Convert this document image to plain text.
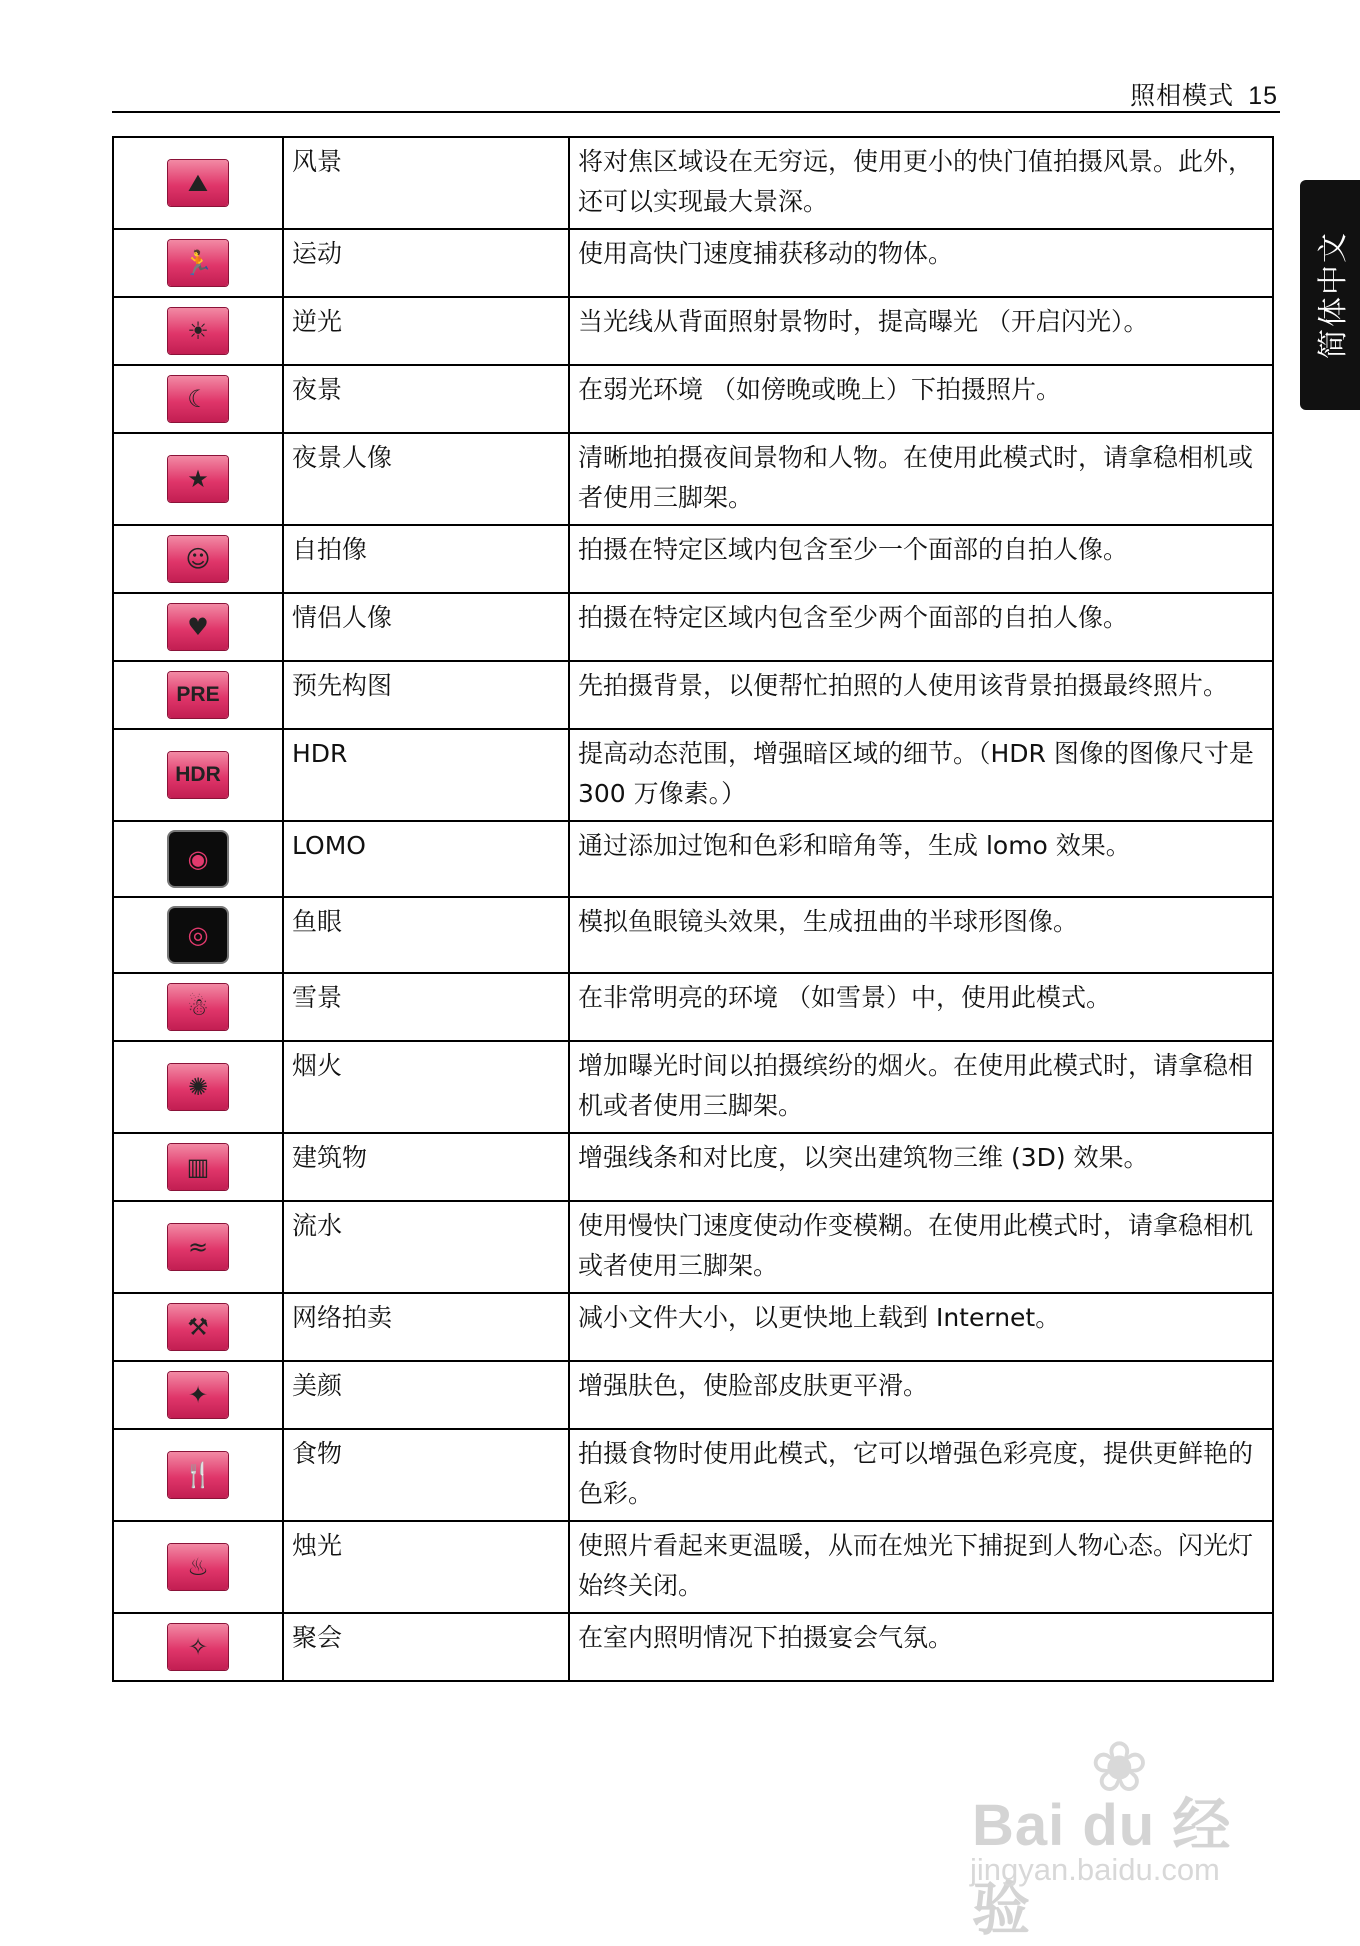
照相模式 15
简体中文
⛰	风景	将对焦区域设在无穷远，使用更小的快门值拍摄风景。此外，还可以实现最大景深。

🏃	运动	使用高快门速度捕获移动的物体。

☀	逆光	当光线从背面照射景物时，提高曝光 （开启闪光）。

☾	夜景	在弱光环境 （如傍晚或晚上）下拍摄照片。

★	夜景人像	清晰地拍摄夜间景物和人物。在使用此模式时，请拿稳相机或者使用三脚架。

☺	自拍像	拍摄在特定区域内包含至少一个面部的自拍人像。

♥	情侣人像	拍摄在特定区域内包含至少两个面部的自拍人像。

PRE	预先构图	先拍摄背景，以便帮忙拍照的人使用该背景拍摄最终照片。

HDR	HDR	提高动态范围，增强暗区域的细节。（HDR 图像的图像尺寸是 300 万像素。）

◉	LOMO	通过添加过饱和色彩和暗角等，生成 lomo 效果。

◎	鱼眼	模拟鱼眼镜头效果，生成扭曲的半球形图像。

☃	雪景	在非常明亮的环境 （如雪景）中，使用此模式。

✺	烟火	增加曝光时间以拍摄缤纷的烟火。在使用此模式时，请拿稳相机或者使用三脚架。

▥	建筑物	增强线条和对比度，以突出建筑物三维 (3D) 效果。

≈	流水	使用慢快门速度使动作变模糊。在使用此模式时，请拿稳相机或者使用三脚架。

⚒	网络拍卖	减小文件大小，以更快地上载到 Internet。

✦	美颜	增强肤色，使脸部皮肤更平滑。

🍴	食物	拍摄食物时使用此模式，它可以增强色彩亮度，提供更鲜艳的色彩。

♨	烛光	使照片看起来更温暖，从而在烛光下捕捉到人物心态。闪光灯始终关闭。

✧	聚会	在室内照明情况下拍摄宴会气氛。
❀
Bai du 经验
jingyan.baidu.com
